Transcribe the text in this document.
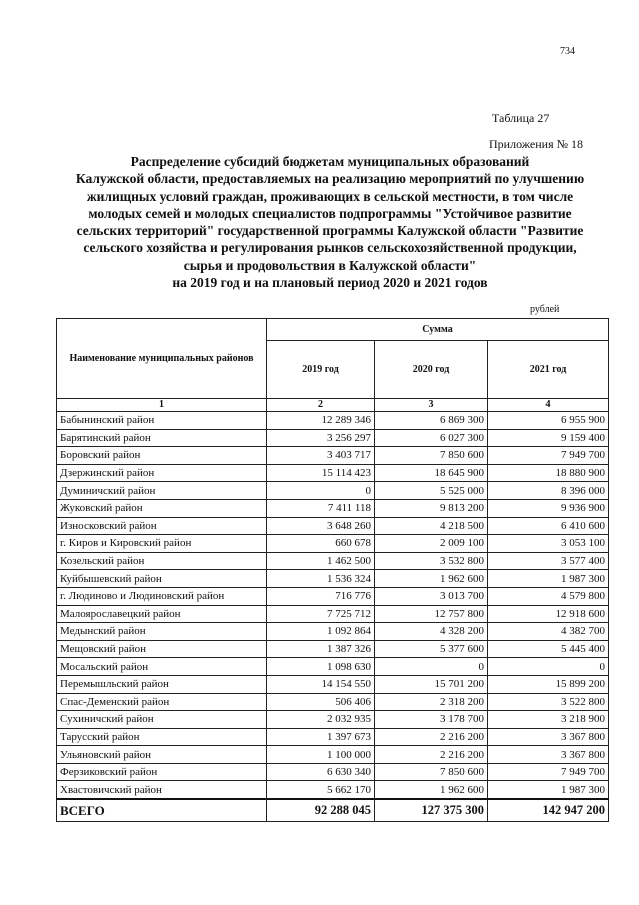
734
Таблица 27
Приложения № 18
Распределение субсидий бюджетам муниципальных образований
Калужской области, предоставляемых на реализацию мероприятий по улучшению
жилищных условий граждан, проживающих в сельской местности, в том числе
молодых семей и молодых специалистов подпрограммы "Устойчивое развитие
сельских территорий" государственной программы Калужской области "Развитие
сельского хозяйства и регулирования рынков сельскохозяйственной продукции,
сырья и продовольствия в Калужской области"
на 2019 год и на плановый период 2020 и 2021 годов
рублей
Наименование муниципальных районов	Сумма		
	2019 год	2020 год	2021 год
1	2	3	4
Бабынинский район	12 289 346	6 869 300	6 955 900
Барятинский район	3 256 297	6 027 300	9 159 400
Боровский район	3 403 717	7 850 600	7 949 700
Дзержинский район	15 114 423	18 645 900	18 880 900
Думиничский район	0	5 525 000	8 396 000
Жуковский район	7 411 118	9 813 200	9 936 900
Износковский район	3 648 260	4 218 500	6 410 600
г. Киров и Кировский район	660 678	2 009 100	3 053 100
Козельский район	1 462 500	3 532 800	3 577 400
Куйбышевский район	1 536 324	1 962 600	1 987 300
г. Людиново и Людиновский район	716 776	3 013 700	4 579 800
Малоярославецкий район	7 725 712	12 757 800	12 918 600
Медынский район	1 092 864	4 328 200	4 382 700
Мещовский район	1 387 326	5 377 600	5 445 400
Мосальский район	1 098 630	0	0
Перемышльский район	14 154 550	15 701 200	15 899 200
Спас-Деменский район	506 406	2 318 200	3 522 800
Сухиничский район	2 032 935	3 178 700	3 218 900
Тарусский район	1 397 673	2 216 200	3 367 800
Ульяновский район	1 100 000	2 216 200	3 367 800
Ферзиковский район	6 630 340	7 850 600	7 949 700
Хвастовичский район	5 662 170	1 962 600	1 987 300
ВСЕГО	92 288 045	127 375 300	142 947 200
